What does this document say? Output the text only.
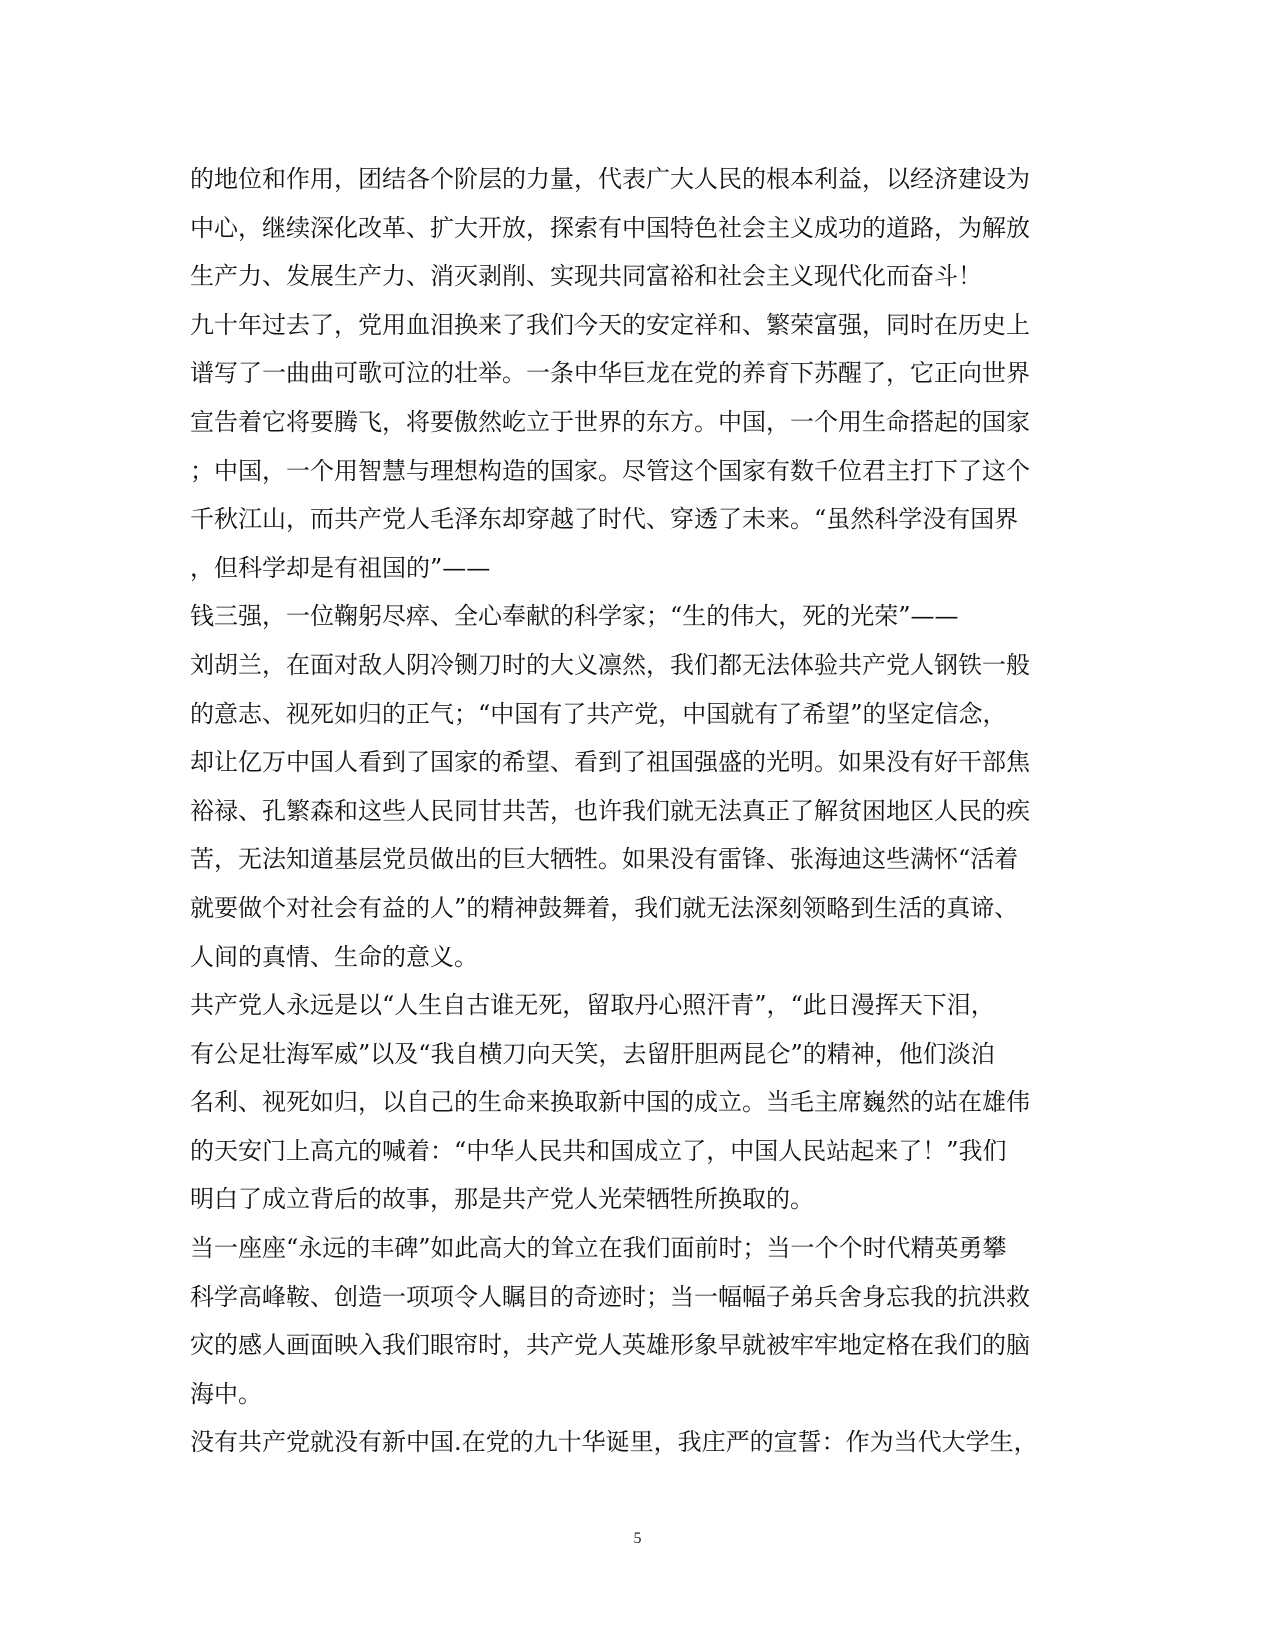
的地位和作用，团结各个阶层的力量，代表广大人民的根本利益，以经济建设为
中心，继续深化改革、扩大开放，探索有中国特色社会主义成功的道路，为解放
生产力、发展生产力、消灭剥削、实现共同富裕和社会主义现代化而奋斗！
九十年过去了，党用血泪换来了我们今天的安定祥和、繁荣富强，同时在历史上
谱写了一曲曲可歌可泣的壮举。一条中华巨龙在党的养育下苏醒了，它正向世界
宣告着它将要腾飞，将要傲然屹立于世界的东方。中国，一个用生命搭起的国家
；中国，一个用智慧与理想构造的国家。尽管这个国家有数千位君主打下了这个
千秋江山，而共产党人毛泽东却穿越了时代、穿透了未来。“虽然科学没有国界
，但科学却是有祖国的”——
钱三强，一位鞠躬尽瘁、全心奉献的科学家；“生的伟大，死的光荣”——
刘胡兰，在面对敌人阴冷铡刀时的大义凛然，我们都无法体验共产党人钢铁一般
的意志、视死如归的正气；“中国有了共产党，中国就有了希望”的坚定信念，
却让亿万中国人看到了国家的希望、看到了祖国强盛的光明。如果没有好干部焦
裕禄、孔繁森和这些人民同甘共苦，也许我们就无法真正了解贫困地区人民的疾
苦，无法知道基层党员做出的巨大牺牲。如果没有雷锋、张海迪这些满怀“活着
就要做个对社会有益的人”的精神鼓舞着，我们就无法深刻领略到生活的真谛、
人间的真情、生命的意义。
共产党人永远是以“人生自古谁无死，留取丹心照汗青”，“此日漫挥天下泪，
有公足壮海军威”以及“我自横刀向天笑，去留肝胆两昆仑”的精神，他们淡泊
名利、视死如归，以自己的生命来换取新中国的成立。当毛主席巍然的站在雄伟
的天安门上高亢的喊着：“中华人民共和国成立了，中国人民站起来了！”我们
明白了成立背后的故事，那是共产党人光荣牺牲所换取的。
当一座座“永远的丰碑”如此高大的耸立在我们面前时；当一个个时代精英勇攀
科学高峰鞍、创造一项项令人瞩目的奇迹时；当一幅幅子弟兵舍身忘我的抗洪救
灾的感人画面映入我们眼帘时，共产党人英雄形象早就被牢牢地定格在我们的脑
海中。
没有共产党就没有新中国.在党的九十华诞里，我庄严的宣誓：作为当代大学生，
5
